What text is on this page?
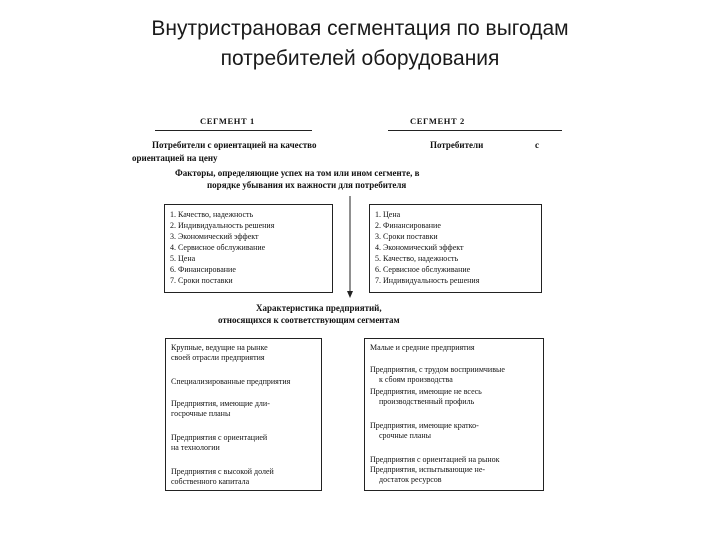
Внутристрановая сегментация по выгодам
потребителей оборудования
СЕГМЕНТ 1	СЕГМЕНТ 2
Потребители с ориентацией на качество	Потребители	с
ориентацией на цену
Факторы, определяющие успех на том или ином сегменте, в
порядке убывания их важности для потребителя
1. Качество, надежность
2. Индивидуальность решения
3. Экономический эффект
4. Сервисное обслуживание
5. Цена
6. Финансирование
7. Сроки поставки
1. Цена
2. Финансирование
3. Сроки поставки
4. Экономический эффект
5. Качество, надежность
6. Сервисное обслуживание
7. Индивидуальность решения
Характеристика предприятий,
относящихся к соответствующим сегментам
Крупные, ведущие на рынке
своей отрасли предприятия
Специализированные предприятия
Предприятия, имеющие дли-
госрочные планы
Предприятия с ориентацией
на технологии
Предприятия с высокой долей
собственного капитала
Малые и средние предприятия
Предприятия, с трудом восприимчивые
к сбоям производства
Предприятия, имеющие не всеcь
производственный профиль
Предприятия, имеющие кратко-
срочные планы
Предприятия с ориентацией на рынок
Предприятия, испытывающие не-
достаток ресурсов
